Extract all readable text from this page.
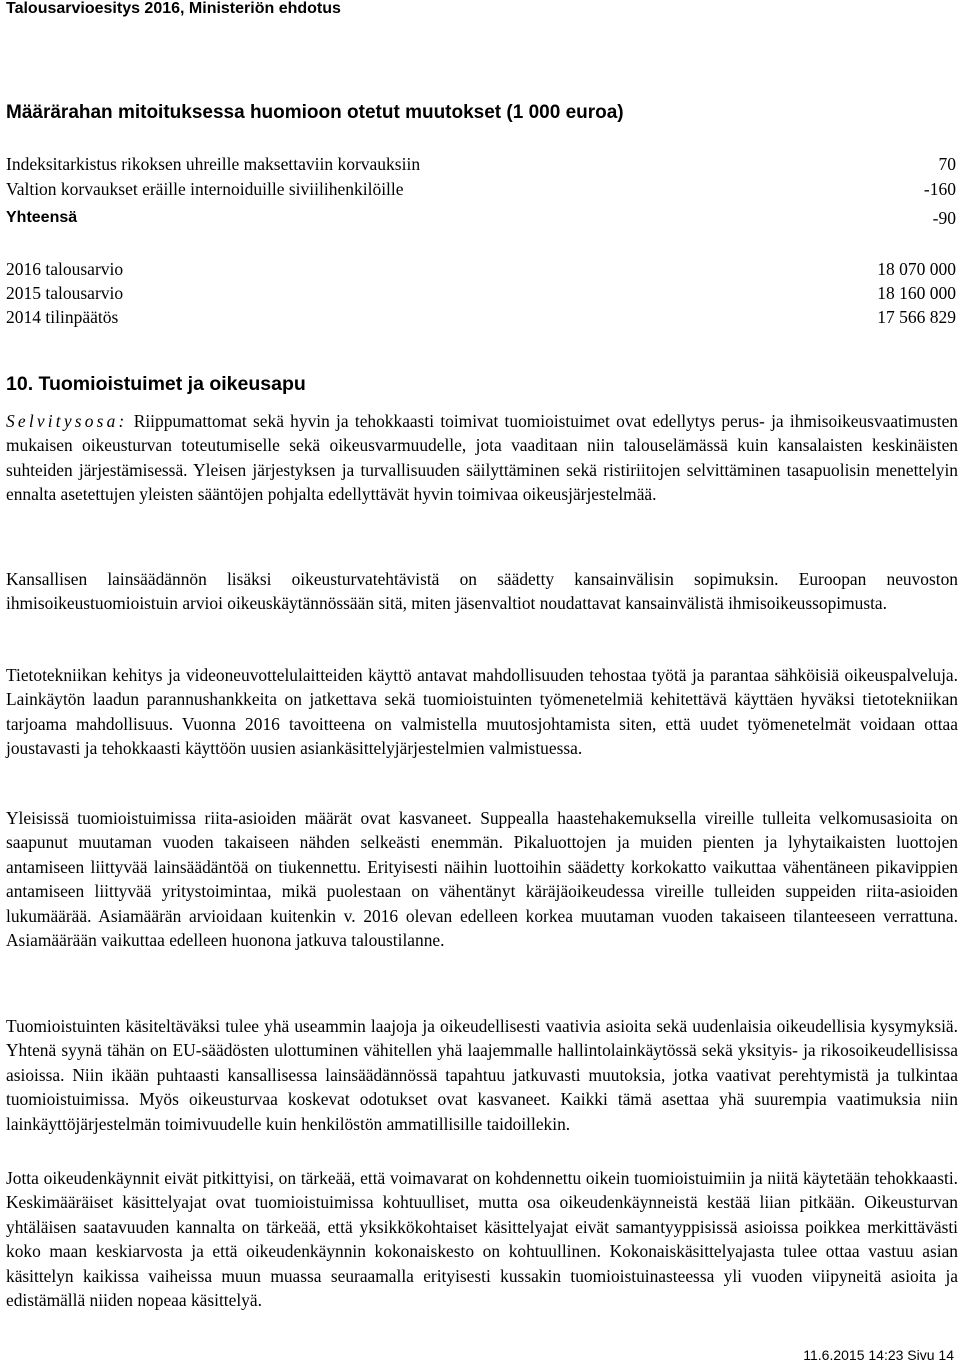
Talousarvioesitys 2016, Ministeriön ehdotus
Määrärahan mitoituksessa huomioon otetut muutokset (1 000 euroa)
Indeksitarkistus rikoksen uhreille maksettaviin korvauksiin	70
Valtion korvaukset eräille internoiduille siviilihenkilöille	-160
Yhteensä	-90
2016 talousarvio	18 070 000
2015 talousarvio	18 160 000
2014 tilinpäätös	17 566 829
10. Tuomioistuimet ja oikeusapu

Selvitysosa: Riippumattomat sekä hyvin ja tehokkaasti toimivat tuomioistuimet ovat edellytys perus- ja ihmisoikeusvaatimusten mukaisen oikeusturvan toteutumiselle sekä oikeusvarmuudelle, jota vaaditaan niin talouselämässä kuin kansalaisten keskinäisten suhteiden järjestämisessä. Yleisen järjestyksen ja turvallisuuden säilyttäminen sekä ristiriitojen selvittäminen tasapuolisin menettelyin ennalta asetettujen yleisten sääntöjen pohjalta edellyttävät hyvin toimivaa oikeusjärjestelmää.

Kansallisen lainsäädännön lisäksi oikeusturvatehtävistä on säädetty kansainvälisin sopimuksin. Euroopan neuvoston ihmisoikeustuomioistuin arvioi oikeuskäytännössään sitä, miten jäsenvaltiot noudattavat kansainvälistä ihmisoikeussopimusta.

Tietotekniikan kehitys ja videoneuvottelulaitteiden käyttö antavat mahdollisuuden tehostaa työtä ja parantaa sähköisiä oikeuspalveluja. Lainkäytön laadun parannushankkeita on jatkettava sekä tuomioistuinten työmenetelmiä kehitettävä käyttäen hyväksi tietotekniikan tarjoama mahdollisuus. Vuonna 2016 tavoitteena on valmistella muutosjohtamista siten, että uudet työmenetelmät voidaan ottaa joustavasti ja tehokkaasti käyttöön uusien asiankäsittelyjärjestelmien valmistuessa.

Yleisissä tuomioistuimissa riita-asioiden määrät ovat kasvaneet. Suppealla haastehakemuksella vireille tulleita velkomusasioita on saapunut muutaman vuoden takaiseen nähden selkeästi enemmän. Pikaluottojen ja muiden pienten ja lyhytaikaisten luottojen antamiseen liittyvää lainsäädäntöä on tiukennettu. Erityisesti näihin luottoihin säädetty korkokatto vaikuttaa vähentäneen pikavippien antamiseen liittyvää yritystoimintaa, mikä puolestaan on vähentänyt käräjäoikeudessa vireille tulleiden suppeiden riita-asioiden lukumäärää. Asiamäärän arvioidaan kuitenkin v. 2016 olevan edelleen korkea muutaman vuoden takaiseen tilanteeseen verrattuna. Asiamäärään vaikuttaa edelleen huonona jatkuva taloustilanne.

Tuomioistuinten käsiteltäväksi tulee yhä useammin laajoja ja oikeudellisesti vaativia asioita sekä uudenlaisia oikeudellisia kysymyksiä. Yhtenä syynä tähän on EU-säädösten ulottuminen vähitellen yhä laajemmalle hallintolainkäytössä sekä yksityis- ja rikosoikeudellisissa asioissa. Niin ikään puhtaasti kansallisessa lainsäädännössä tapahtuu jatkuvasti muutoksia, jotka vaativat perehtymistä ja tulkintaa tuomioistuimissa. Myös oikeusturvaa koskevat odotukset ovat kasvaneet. Kaikki tämä asettaa yhä suurempia vaatimuksia niin lainkäyttöjärjestelmän toimivuudelle kuin henkilöstön ammatillisille taidoillekin.

Jotta oikeudenkäynnit eivät pitkittyisi, on tärkeää, että voimavarat on kohdennettu oikein tuomioistuimiin ja niitä käytetään tehokkaasti. Keskimääräiset käsittelyajat ovat tuomioistuimissa kohtuulliset, mutta osa oikeudenkäynneistä kestää liian pitkään. Oikeusturvan yhtäläisen saatavuuden kannalta on tärkeää, että yksikkökohtaiset käsittelyajat eivät samantyyppisissä asioissa poikkea merkittävästi koko maan keskiarvosta ja että oikeudenkäynnin kokonaiskesto on kohtuullinen. Kokonaiskäsittelyajasta tulee ottaa vastuu asian käsittelyn kaikissa vaiheissa muun muassa seuraamalla erityisesti kussakin tuomioistuinasteessa yli vuoden viipyneitä asioita ja edistämällä niiden nopeaa käsittelyä.

11.6.2015 14:23 Sivu 14
